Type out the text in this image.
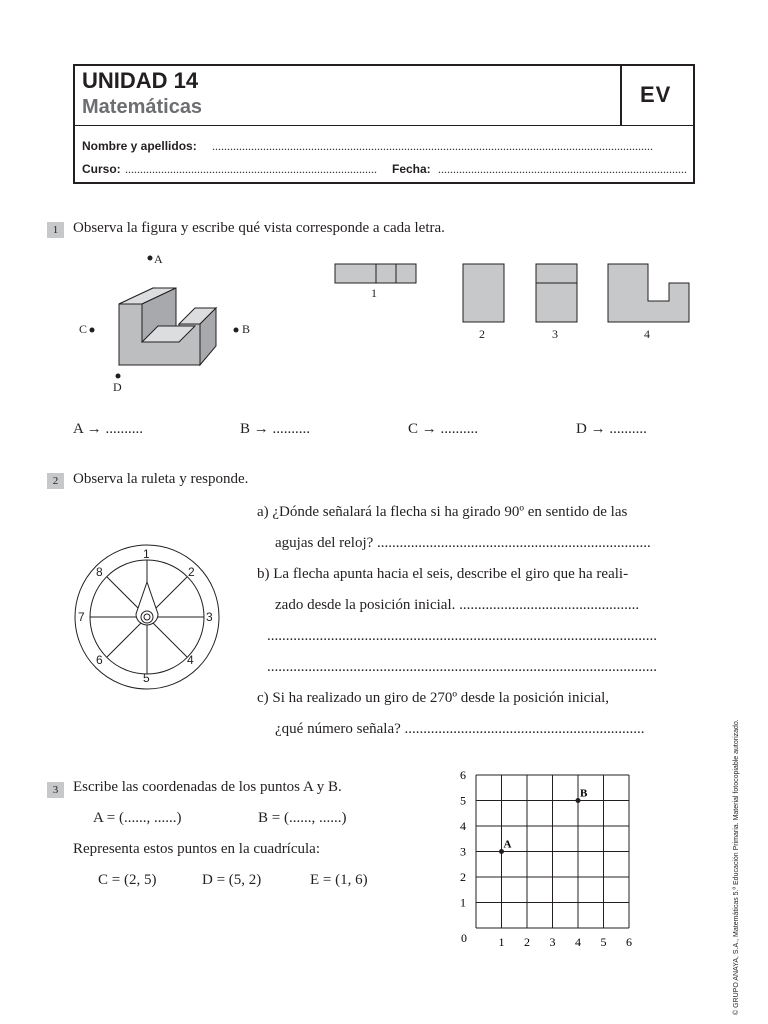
UNIDAD 14
Matemáticas	EV
Nombre y apellidos: ...................................................................................................................................................
Curso: .................................................................................... Fecha: ...................................................................................
1 Observa la figura y escribe qué vista corresponde a cada letra.
A
C	B
D
1
2	3	4
A → ..........	B → ..........	C → ..........	D → ..........
2 Observa la ruleta y responde.
1
2
3
4
5
6
7
8
a) ¿Dónde señalará la flecha si ha girado 90º en sentido de las
agujas del reloj? .........................................................................
b) La flecha apunta hacia el seis, describe el giro que ha reali-
zado desde la posición inicial. ................................................
........................................................................................................
........................................................................................................
c) Si ha realizado un giro de 270º desde la posición inicial,
¿qué número señala? ................................................................
3 Escribe las coordenadas de los puntos A y B.
A = (......, ......)	B = (......, ......)
Representa estos puntos en la cuadrícula:
C = (2, 5)	D = (5, 2)	E = (1, 6)
0	1 2 3 4 5 6
1
2
3
4
5
6
A
B	© GRUPO ANAYA, S.A., Matemáticas 5.º Educación Primaria. Material fotocopiable autorizado.
